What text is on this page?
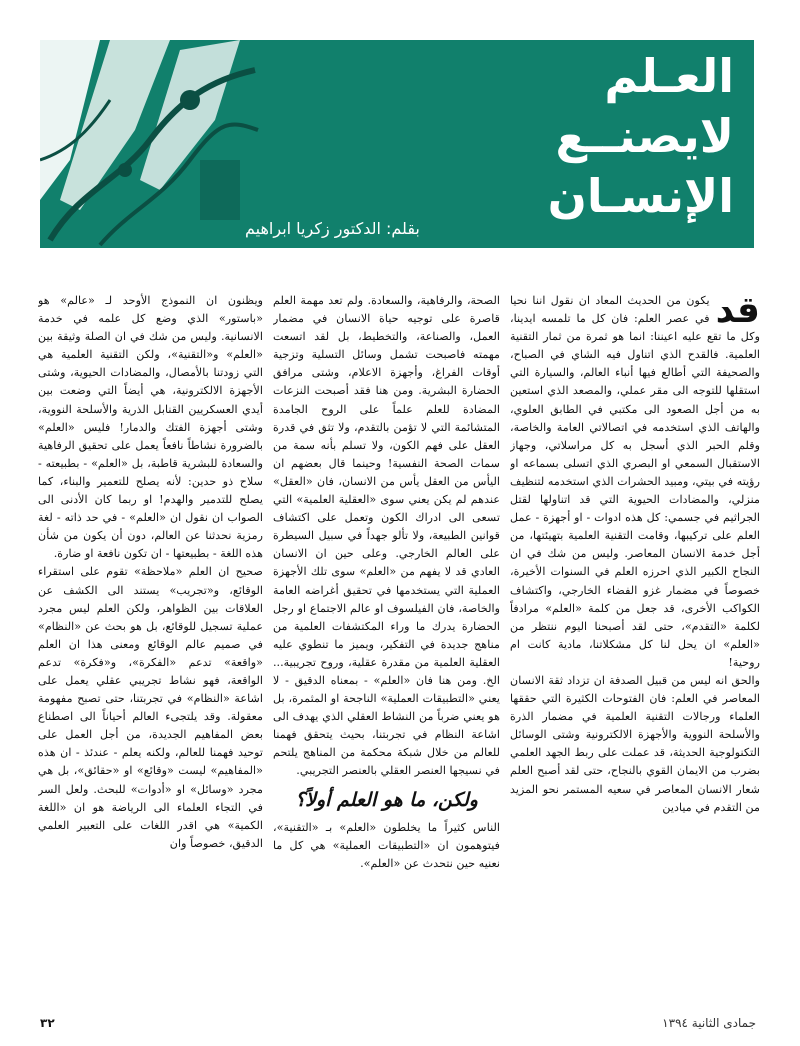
العـلم
لايصنــع
الإنسـان
بقلم: الدكتور زكريا ابراهيم
قد

يكون من الحديث المعاد ان نقول اننا نحيا في عصر العلم: فان كل ما تلمسه ايدينا، وكل ما تقع عليه اعيننا: انما هو ثمرة من ثمار التقنية العلمية. فالقدح الذي اتناول فيه الشاي في الصباح، والصحيفة التي أطالع فيها أنباء العالم، والسيارة التي استقلها للتوجه الى مقر عملي، والمصعد الذي استعين به من أجل الصعود الى مكتبي في الطابق العلوي، والهاتف الذي استخدمه في اتصالاتي العامة والخاصة، وقلم الحبر الذي أسجل به كل مراسلاتي، وجهاز الاستقبال السمعي او البصري الذي اتسلى بسماعه او رؤيته في بيتي، ومبيد الحشرات الذي استخدمه لتنظيف منزلي، والمضادات الحيوية التي قد اتناولها لقتل الجراثيم في جسمي: كل هذه ادوات - او أجهزة - عمل العلم على تركيبها، وقامت التقنية العلمية بتهيئتها، من أجل خدمة الانسان المعاصر. وليس من شك في ان النجاح الكبير الذي احرزه العلم في السنوات الأخيرة، خصوصاً في مضمار غزو الفضاء الخارجي، واكتشاف الكواكب الأخرى، قد جعل من كلمة «العلم» مرادفاً لكلمة «التقدم»، حتى لقد أصبحنا اليوم ننتظر من «العلم» ان يحل لنا كل مشكلاتنا، مادية كانت ام روحية!

والحق انه ليس من قبيل الصدفة ان تزداد ثقة الانسان المعاصر في العلم: فان الفتوحات الكثيرة التي حققها العلماء ورجالات التقنية العلمية في مضمار الذرة والأسلحة النووية والأجهزة الالكترونية وشتى الوسائل التكنولوجية الحديثة، قد عملت على ربط الجهد العلمي بضرب من الايمان القوي بالنجاح، حتى لقد أصبح العلم شعار الانسان المعاصر في سعيه المستمر نحو المزيد من التقدم في ميادين

الصحة، والرفاهية، والسعادة. ولم تعد مهمة العلم قاصرة على توجيه حياة الانسان في مضمار العمل، والصناعة، والتخطيط، بل لقد اتسعت مهمته فاصبحت تشمل وسائل التسلية وتزجية أوقات الفراغ، وأجهزة الاعلام، وشتى مرافق الحضارة البشرية. ومن هنا فقد أصبحت النزعات المضادة للعلم علماً على الروح الجامدة المتشائمة التي لا تؤمن بالتقدم، ولا تثق في قدرة العقل على فهم الكون، ولا تسلم بأنه سمة من سمات الصحة النفسية! وحينما قال بعضهم ان اليأس من العقل يأس من الانسان، فان «العقل» عندهم لم يكن يعني سوى «العقلية العلمية» التي تسعى الى ادراك الكون وتعمل على اكتشاف قوانين الطبيعة، ولا تألو جهداً في سبيل السيطرة على العالم الخارجي. وعلى حين ان الانسان العادي قد لا يفهم من «العلم» سوى تلك الأجهزة العملية التي يستخدمها في تحقيق أغراضه العامة والخاصة، فان الفيلسوف او عالم الاجتماع او رجل الحضارة يدرك ما وراء المكتشفات العلمية من مناهج جديدة في التفكير، ويميز ما تنطوي عليه العقلية العلمية من مقدرة عقلية، وروح تجريبية... الخ. ومن هنا فان «العلم» - بمعناه الدقيق - لا يعني «التطبيقات العملية» الناجحة او المثمرة، بل هو يعني ضرباً من النشاط العقلي الذي يهدف الى اشاعة النظام في تجربتنا، بحيث يتحقق فهمنا للعالم من خلال شبكة محكمة من المناهج يلتحم في نسيجها العنصر العقلي بالعنصر التجريبي.

ولكن، ما هو العلم أولاً؟

الناس كثيراً ما يخلطون «العلم» بـ «التقنية»، فيتوهمون ان «التطبيقات العملية» هي كل ما نعنيه حين نتحدث عن «العلم».

ويظنون ان النموذج الأوحد لـ «عالم» هو «باستور» الذي وضع كل علمه في خدمة الانسانية. وليس من شك في ان الصلة وثيقة بين «العلم» و«التقنية»، ولكن التقنية العلمية هي التي زودتنا بالأمصال، والمضادات الحيوية، وشتى الأجهزة الالكترونية، هي أيضاً التي وضعت بين أيدي العسكريين القنابل الذرية والأسلحة النووية، وشتى أجهزة الفتك والدمار! فليس «العلم» بالضرورة نشاطاً نافعاً يعمل على تحقيق الرفاهية والسعادة للبشرية قاطبة، بل «العلم» - بطبيعته - سلاح ذو حدين: لأنه يصلح للتعمير والبناء، كما يصلح للتدمير والهدم! او ربما كان الأدنى الى الصواب ان نقول ان «العلم» - في حد ذاته - لغة رمزية نحدثنا عن العالم، دون أن يكون من شأن هذه اللغة - بطبيعتها - ان تكون نافعة او ضارة.

صحيح ان العلم «ملاحظة» تقوم على استقراء الوقائع، و«تجريب» يستند الى الكشف عن العلاقات بين الظواهر، ولكن العلم ليس مجرد عملية تسجيل للوقائع، بل هو بحث عن «النظام» في صميم عالم الوقائع ومعنى هذا ان العلم «واقعة» تدعم «الفكرة»، و«فكرة» تدعم الواقعة، فهو نشاط تجريبي عقلي يعمل على اشاعة «النظام» في تجربتنا، حتى تصبح مفهومة معقولة. وقد يلتجىء العالم أحياناً الى اصطناع بعض المفاهيم الجديدة، من أجل العمل على توحيد فهمنا للعالم، ولكنه يعلم - عندئذ - ان هذه «المفاهيم» ليست «وقائع» او «حقائق»، بل هي مجرد «وسائل» او «أدوات» للبحث. ولعل السر في التجاء العلماء الى الرياضة هو ان «اللغة الكمية» هي اقدر اللغات على التعبير العلمي الدقيق، خصوصاً وان

٣٢	جمادى الثانية ١٣٩٤
